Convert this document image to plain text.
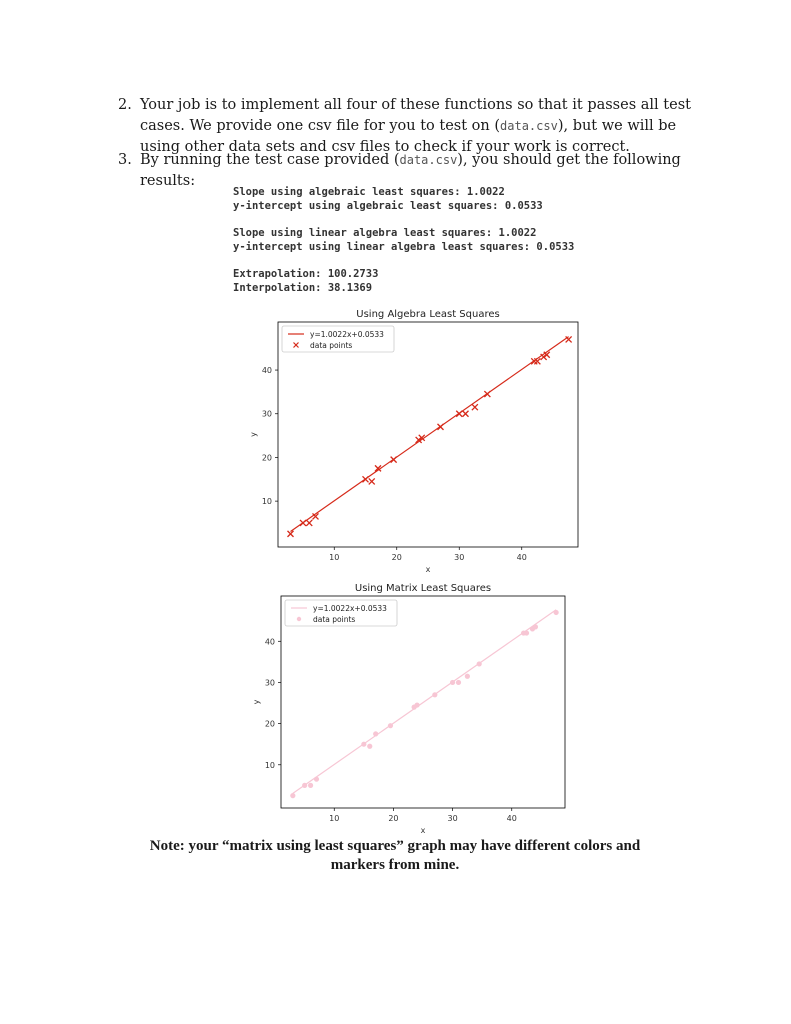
2. Your job is to implement all four of these functions so that it passes all test cases. We provide one csv file for you to test on (data.csv), but we will be using other data sets and csv files to check if your work is correct.
3. By running the test case provided (data.csv), you should get the following results:
Slope using algebraic least squares: 1.0022
y-intercept using algebraic least squares: 0.0533
Slope using linear algebra least squares: 1.0022
y-intercept using linear algebra least squares: 0.0533
Extrapolation: 100.2733
Interpolation: 38.1369
Using Algebra Least Squares
10	20	30	40
10
20
30
40
x
y
y=1.0022x+0.0533
data points
Using Matrix Least Squares
10	20	30	40
10
20
30
40
x
y
y=1.0022x+0.0533
data points
Note: your “matrix using least squares” graph may have different colors and
markers from mine.
